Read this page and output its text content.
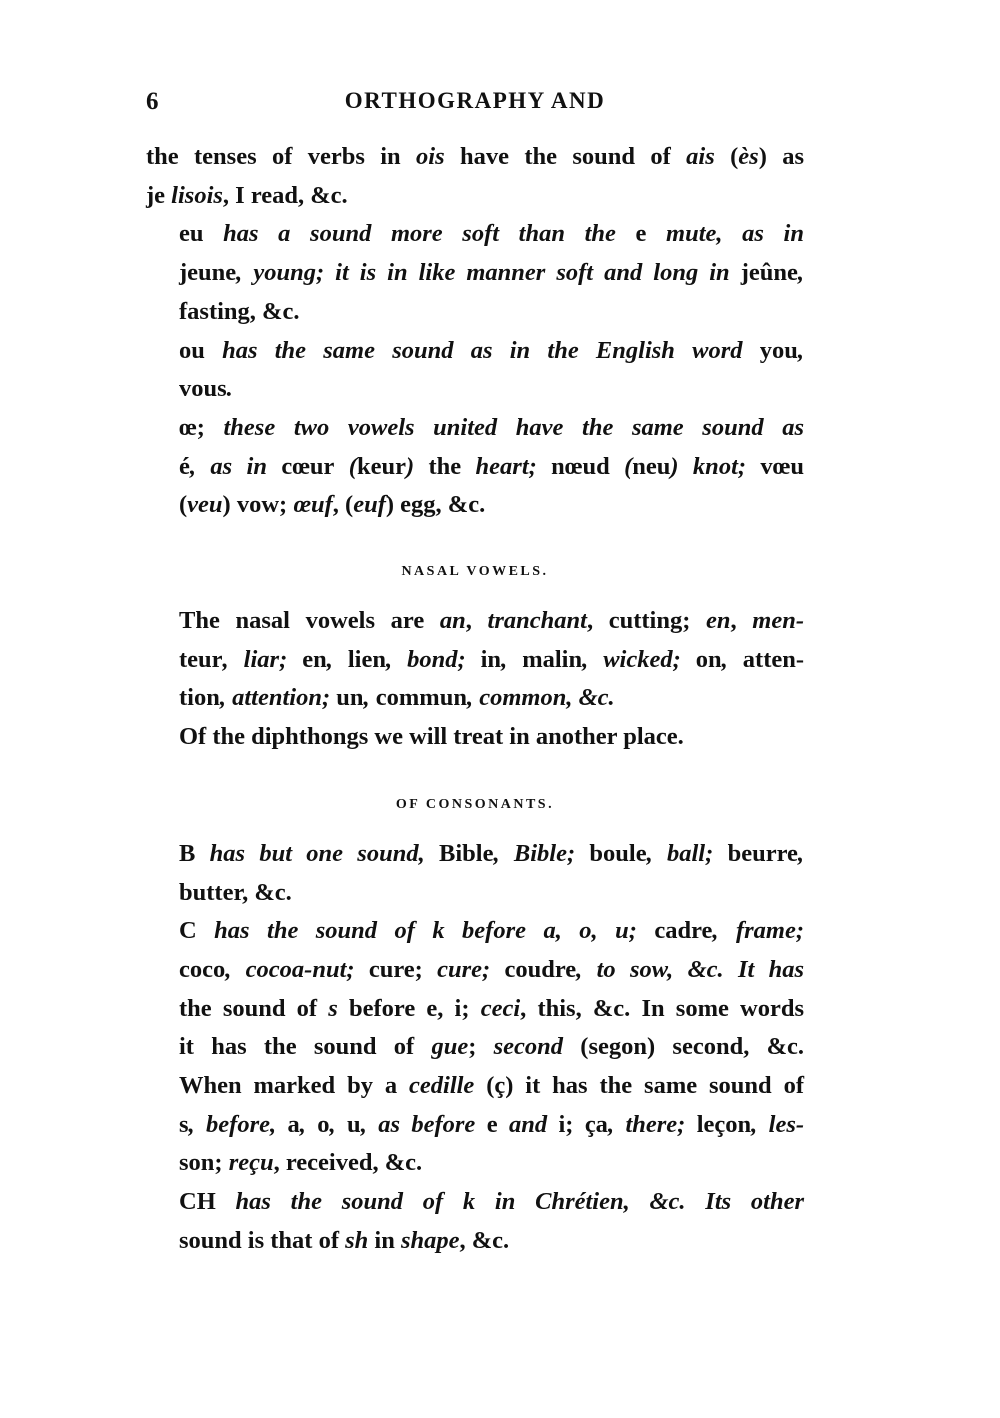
6	ORTHOGRAPHY AND

the tenses of verbs in ois have the sound of ais (ès) as
je lisois, I read, &c.

eu has a sound more soft than the e mute, as in
jeune, young; it is in like manner soft and long in jeûne,
fasting, &c.

ou has the same sound as in the English word you,
vous.

œ; these two vowels united have the same sound as
é, as in cœur (keur) the heart; nœud (neu) knot; vœu
(veu) vow; œuf, (euf) egg, &c.

NASAL VOWELS.

The nasal vowels are an, tranchant, cutting; en, men-
teur, liar; en, lien, bond; in, malin, wicked; on, atten-
tion, attention; un, commun, common, &c.

Of the diphthongs we will treat in another place.

OF CONSONANTS.

B has but one sound, Bible, Bible; boule, ball; beurre,
butter, &c.

C has the sound of k before a, o, u; cadre, frame;
coco, cocoa-nut; cure; cure; coudre, to sow, &c. It has
the sound of s before e, i; ceci, this, &c. In some words
it has the sound of gue; second (segon) second, &c.
When marked by a cedille (ç) it has the same sound of
s, before, a, o, u, as before e and i; ça, there; leçon, les-
son; reçu, received, &c.

CH has the sound of k in Chrétien, &c. Its other
sound is that of sh in shape, &c.
